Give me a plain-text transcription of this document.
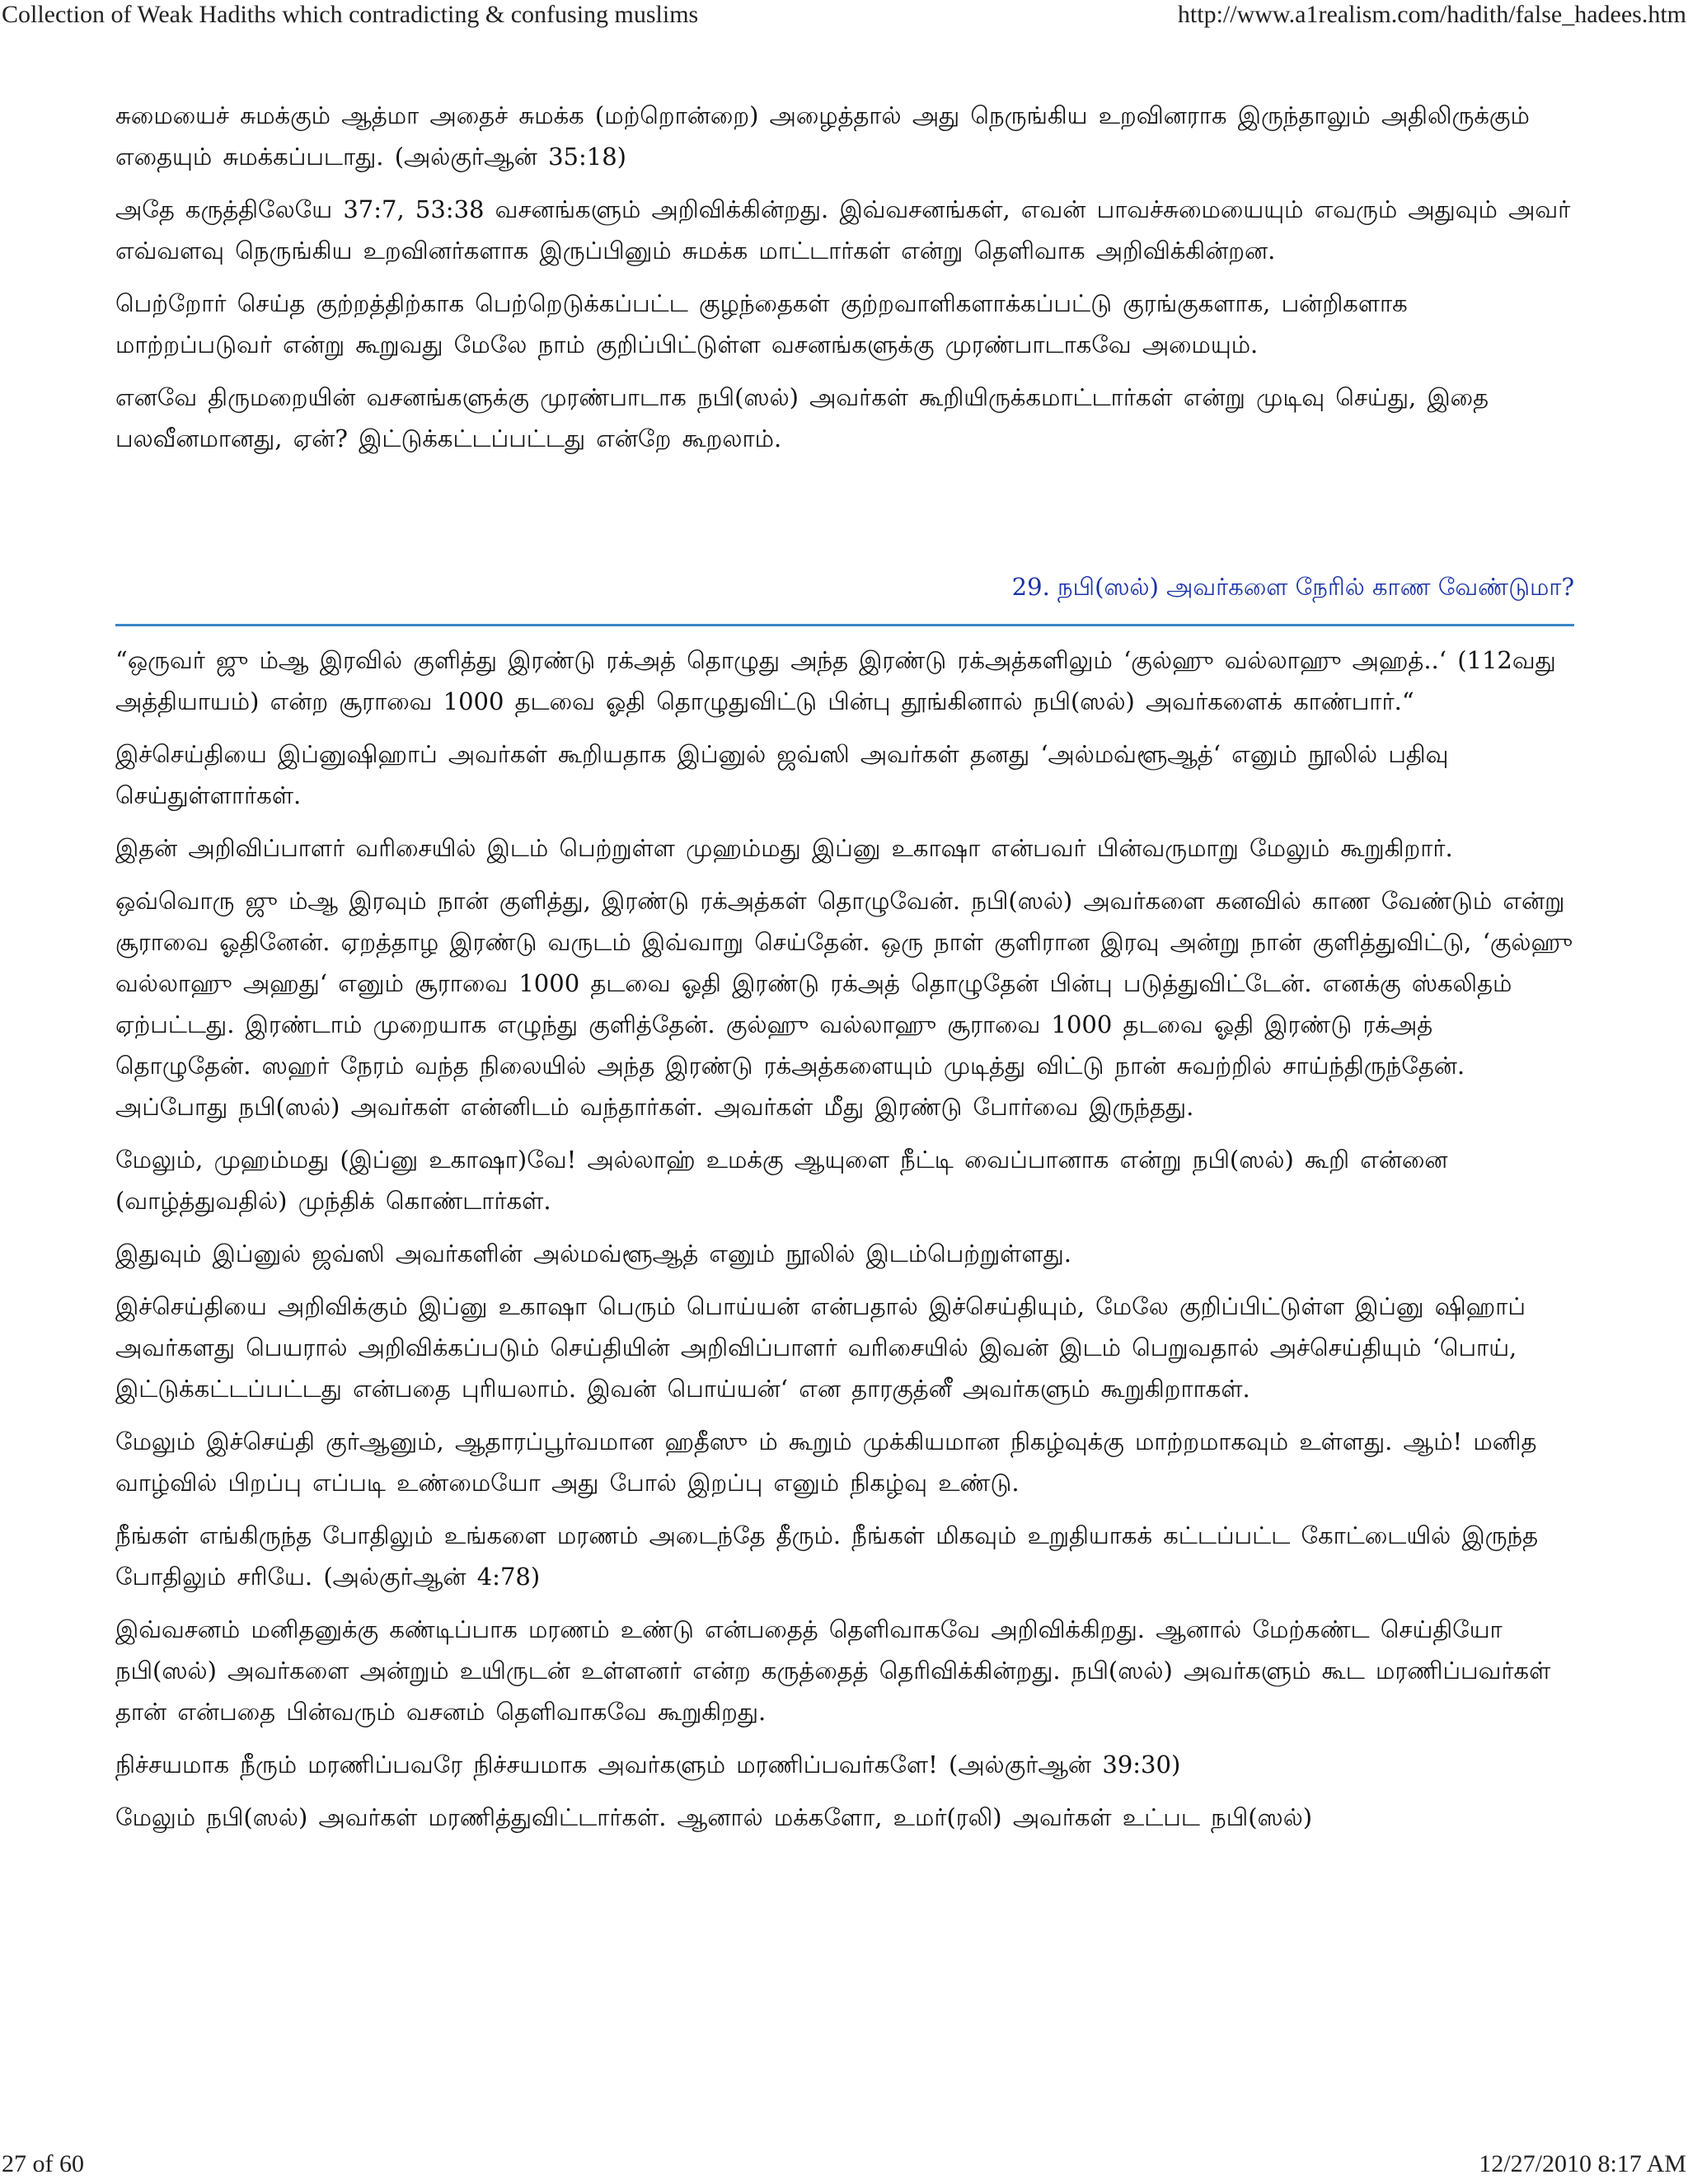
Collection of Weak Hadiths which contradicting & confusing muslims	http://www.a1realism.com/hadith/false_hadees.htm

சுமையைச் சுமக்கும் ஆத்மா அதைச் சுமக்க (மற்றொன்றை) அழைத்தால் அது நெருங்கிய உறவினராக இருந்தாலும் அதிலிருக்கும் எதையும் சுமக்கப்படாது. (அல்குர்ஆன் 35:18)

அதே கருத்திலேயே 37:7, 53:38 வசனங்களும் அறிவிக்கின்றது. இவ்வசனங்கள், எவன் பாவச்சுமையையும் எவரும் அதுவும் அவர் எவ்வளவு நெருங்கிய உறவினர்களாக இருப்பினும் சுமக்க மாட்டார்கள் என்று தெளிவாக அறிவிக்கின்றன.

பெற்றோர் செய்த குற்றத்திற்காக பெற்றெடுக்கப்பட்ட குழந்தைகள் குற்றவாளிகளாக்கப்பட்டு குரங்குகளாக, பன்றிகளாக மாற்றப்படுவர் என்று கூறுவது மேலே நாம் குறிப்பிட்டுள்ள வசனங்களுக்கு முரண்பாடாகவே அமையும்.

எனவே திருமறையின் வசனங்களுக்கு முரண்பாடாக நபி(ஸல்) அவர்கள் கூறியிருக்கமாட்டார்கள் என்று முடிவு செய்து, இதை பலவீனமானது, ஏன்? இட்டுக்கட்டப்பட்டது என்றே கூறலாம்.

29. நபி(ஸல்) அவர்களை நேரில் காண வேண்டுமா?

“ஒருவர் ஜு ம்ஆ இரவில் குளித்து இரண்டு ரக்அத் தொழுது அந்த இரண்டு ரக்அத்களிலும் ‘குல்ஹு வல்லாஹு அஹத்..‘ (112வது அத்தியாயம்) என்ற சூராவை 1000 தடவை ஓதி தொழுதுவிட்டு பின்பு தூங்கினால் நபி(ஸல்) அவர்களைக் காண்பார்.“

இச்செய்தியை இப்னுஷிஹாப் அவர்கள் கூறியதாக இப்னுல் ஜவ்ஸி அவர்கள் தனது ‘அல்மவ்ளூஆத்‘ எனும் நூலில் பதிவு செய்துள்ளார்கள்.

இதன் அறிவிப்பாளர் வரிசையில் இடம் பெற்றுள்ள முஹம்மது இப்னு உகாஷா என்பவர் பின்வருமாறு மேலும் கூறுகிறார்.

ஒவ்வொரு ஜு ம்ஆ இரவும் நான் குளித்து, இரண்டு ரக்அத்கள் தொழுவேன். நபி(ஸல்) அவர்களை கனவில் காண வேண்டும் என்று சூராவை ஓதினேன். ஏறத்தாழ இரண்டு வருடம் இவ்வாறு செய்தேன். ஒரு நாள் குளிரான இரவு அன்று நான் குளித்துவிட்டு, ‘குல்ஹு வல்லாஹு அஹது‘ எனும் சூராவை 1000 தடவை ஓதி இரண்டு ரக்அத் தொழுதேன் பின்பு படுத்துவிட்டேன். எனக்கு ஸ்கலிதம் ஏற்பட்டது. இரண்டாம் முறையாக எழுந்து குளித்தேன். குல்ஹு வல்லாஹு சூராவை 1000 தடவை ஓதி இரண்டு ரக்அத் தொழுதேன். ஸஹர் நேரம் வந்த நிலையில் அந்த இரண்டு ரக்அத்களையும் முடித்து விட்டு நான் சுவற்றில் சாய்ந்திருந்தேன். அப்போது நபி(ஸல்) அவர்கள் என்னிடம் வந்தார்கள். அவர்கள் மீது இரண்டு போர்வை இருந்தது.

மேலும், முஹம்மது (இப்னு உகாஷா)வே! அல்லாஹ் உமக்கு ஆயுளை நீட்டி வைப்பானாக என்று நபி(ஸல்) கூறி என்னை (வாழ்த்துவதில்) முந்திக் கொண்டார்கள்.

இதுவும் இப்னுல் ஜவ்ஸி அவர்களின் அல்மவ்ளூஆத் எனும் நூலில் இடம்பெற்றுள்ளது.

இச்செய்தியை அறிவிக்கும் இப்னு உகாஷா பெரும் பொய்யன் என்பதால் இச்செய்தியும், மேலே குறிப்பிட்டுள்ள இப்னு ஷிஹாப் அவர்களது பெயரால் அறிவிக்கப்படும் செய்தியின் அறிவிப்பாளர் வரிசையில் இவன் இடம் பெறுவதால் அச்செய்தியும் ‘பொய், இட்டுக்கட்டப்பட்டது என்பதை புரியலாம். இவன் பொய்யன்‘ என தாரகுத்னீ அவர்களும் கூறுகிறாாகள்.

மேலும் இச்செய்தி குர்ஆனும், ஆதாரப்பூர்வமான ஹதீஸு ம் கூறும் முக்கியமான நிகழ்வுக்கு மாற்றமாகவும் உள்ளது. ஆம்! மனித வாழ்வில் பிறப்பு எப்படி உண்மையோ அது போல் இறப்பு எனும் நிகழ்வு உண்டு.

நீங்கள் எங்கிருந்த போதிலும் உங்களை மரணம் அடைந்தே தீரும். நீங்கள் மிகவும் உறுதியாகக் கட்டப்பட்ட கோட்டையில் இருந்த போதிலும் சரியே. (அல்குர்ஆன் 4:78)

இவ்வசனம் மனிதனுக்கு கண்டிப்பாக மரணம் உண்டு என்பதைத் தெளிவாகவே அறிவிக்கிறது. ஆனால் மேற்கண்ட செய்தியோ நபி(ஸல்) அவர்களை அன்றும் உயிருடன் உள்ளனர் என்ற கருத்தைத் தெரிவிக்கின்றது. நபி(ஸல்) அவர்களும் கூட மரணிப்பவர்கள் தான் என்பதை பின்வரும் வசனம் தெளிவாகவே கூறுகிறது.

நிச்சயமாக நீரும் மரணிப்பவரே நிச்சயமாக அவர்களும் மரணிப்பவர்களே! (அல்குர்ஆன் 39:30)

மேலும் நபி(ஸல்) அவர்கள் மரணித்துவிட்டார்கள். ஆனால் மக்களோ, உமர்(ரலி) அவர்கள் உட்பட நபி(ஸல்)

27 of 60	12/27/2010 8:17 AM
